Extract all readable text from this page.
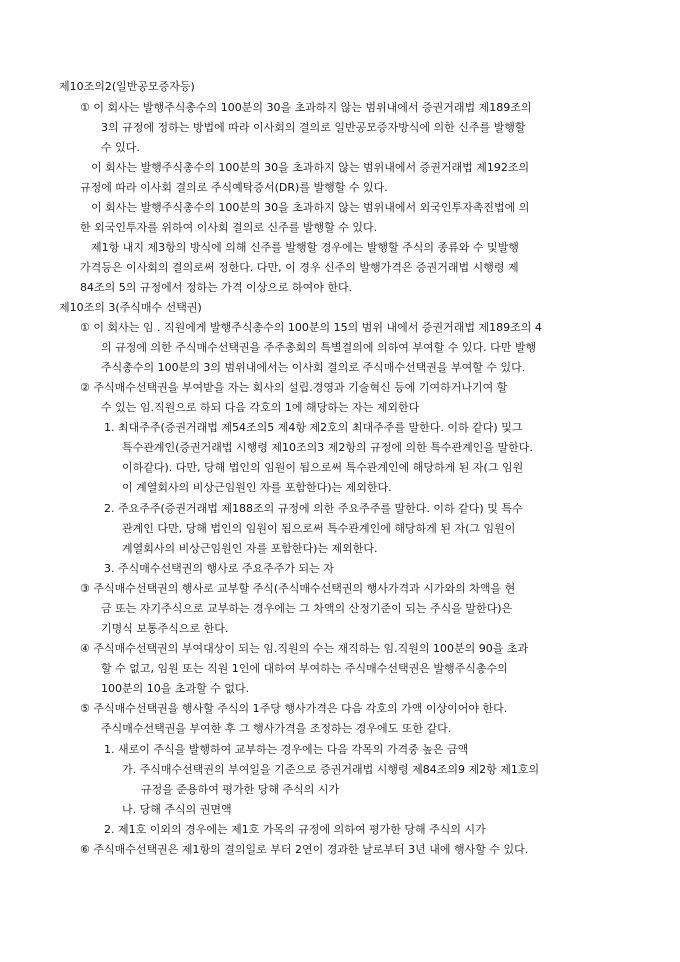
제10조의2(일반공모증자등)
① 이 회사는 발행주식총수의 100분의 30을 초과하지 않는 범위내에서 증권거래법 제189조의
3의 규정에 정하는 방법에 따라 이사회의 결의로 일반공모증자방식에 의한 신주를 발행할
수 있다.
이 회사는 발행주식총수의 100분의 30을 초과하지 않는 범위내에서 증권거래법 제192조의
규정에 따라 이사회 결의로 주식예탁증서(DR)를 발행할 수 있다.
이 회사는 발행주식총수의 100분의 30을 초과하지 않는 범위내에서 외국인투자촉진법에 의
한 외국인투자를 위하여 이사회 결의로 신주를 발행할 수 있다.
제1항 내지 제3항의 방식에 의해 신주를 발행할 경우에는 발행할 주식의 종류와 수 및발행
가격등은 이사회의 결의로써 정한다. 다만, 이 경우 신주의 발행가격은 증권거래법 시행령 제
84조의 5의 규정에서 정하는 가격 이상으로 하여야 한다.
제10조의 3(주식매수 선택권)
① 이 회사는 임 . 직원에게 발행주식총수의 100분의 15의 범위 내에서 증권거래법 제189조의 4
의 규정에 의한 주식매수선택권을 주주총회의 특별결의에 의하여 부여할 수 있다. 다만 발행
주식총수의 100분의 3의 범위내에서는 이사회 결의로 주식매수선택권을 부여할 수 있다.
② 주식매수선택권을 부여받을 자는 회사의 설립.경영과 기술혁신 등에 기여하거나기여 할
수 있는 임.직원으로 하되 다음 각호의 1에 해당하는 자는 제외한다
1. 최대주주(증권거래법 제54조의5 제4항 제2호의 최대주주를 말한다. 이하 같다) 및그
특수관계인(증권거래법 시행령 제10조의3 제2항의 규정에 의한 특수관계인을 말한다.
이하같다). 다만, 당해 법인의 임원이 됨으로써 특수관계인에 해당하게 된 자(그 임원
이 계열회사의 비상근임원인 자를 포함한다)는 제외한다.
2. 주요주주(증권거래법 제188조의 규정에 의한 주요주주를 말한다. 이하 같다) 및 특수
관계인 다만, 당해 법인의 임원이 됨으로써 특수관계인에 해당하게 된 자(그 임원이
계열회사의 비상근임원인 자를 포함한다)는 제외한다.
3. 주식매수선택권의 행사로 주요주주가 되는 자
③ 주식매수선택권의 행사로 교부할 주식(주식매수선택권의 행사가격과 시가와의 차액을 현
금 또는 자기주식으로 교부하는 경우에는 그 차액의 산정기준이 되는 주식을 말한다)은
기명식 보통주식으로 한다.
④ 주식매수선택권의 부여대상이 되는 임.직원의 수는 재직하는 임.직원의 100분의 90을 초과
할 수 없고, 임원 또는 직원 1인에 대하여 부여하는 주식매수선택권은 발행주식총수의
100분의 10을 초과할 수 없다.
⑤ 주식매수선택권을 행사할 주식의 1주당 행사가격은 다음 각호의 가액 이상이어야 한다.
주식매수선택권을 부여한 후 그 행사가격을 조정하는 경우에도 또한 같다.
1. 새로이 주식을 발행하여 교부하는 경우에는 다음 각목의 가격중 높은 금액
가. 주식매수선택권의 부여일을 기준으로 증권거래법 시행령 제84조의9 제2항 제1호의
규정을 준용하여 평가한 당해 주식의 시가
나. 당해 주식의 권면액
2. 제1호 이외의 경우에는 제1호 가목의 규정에 의하여 평가한 당해 주식의 시가
⑥ 주식매수선택권은 제1항의 결의일로 부터 2연이 경과한 날로부터 3년 내에 행사할 수 있다.
